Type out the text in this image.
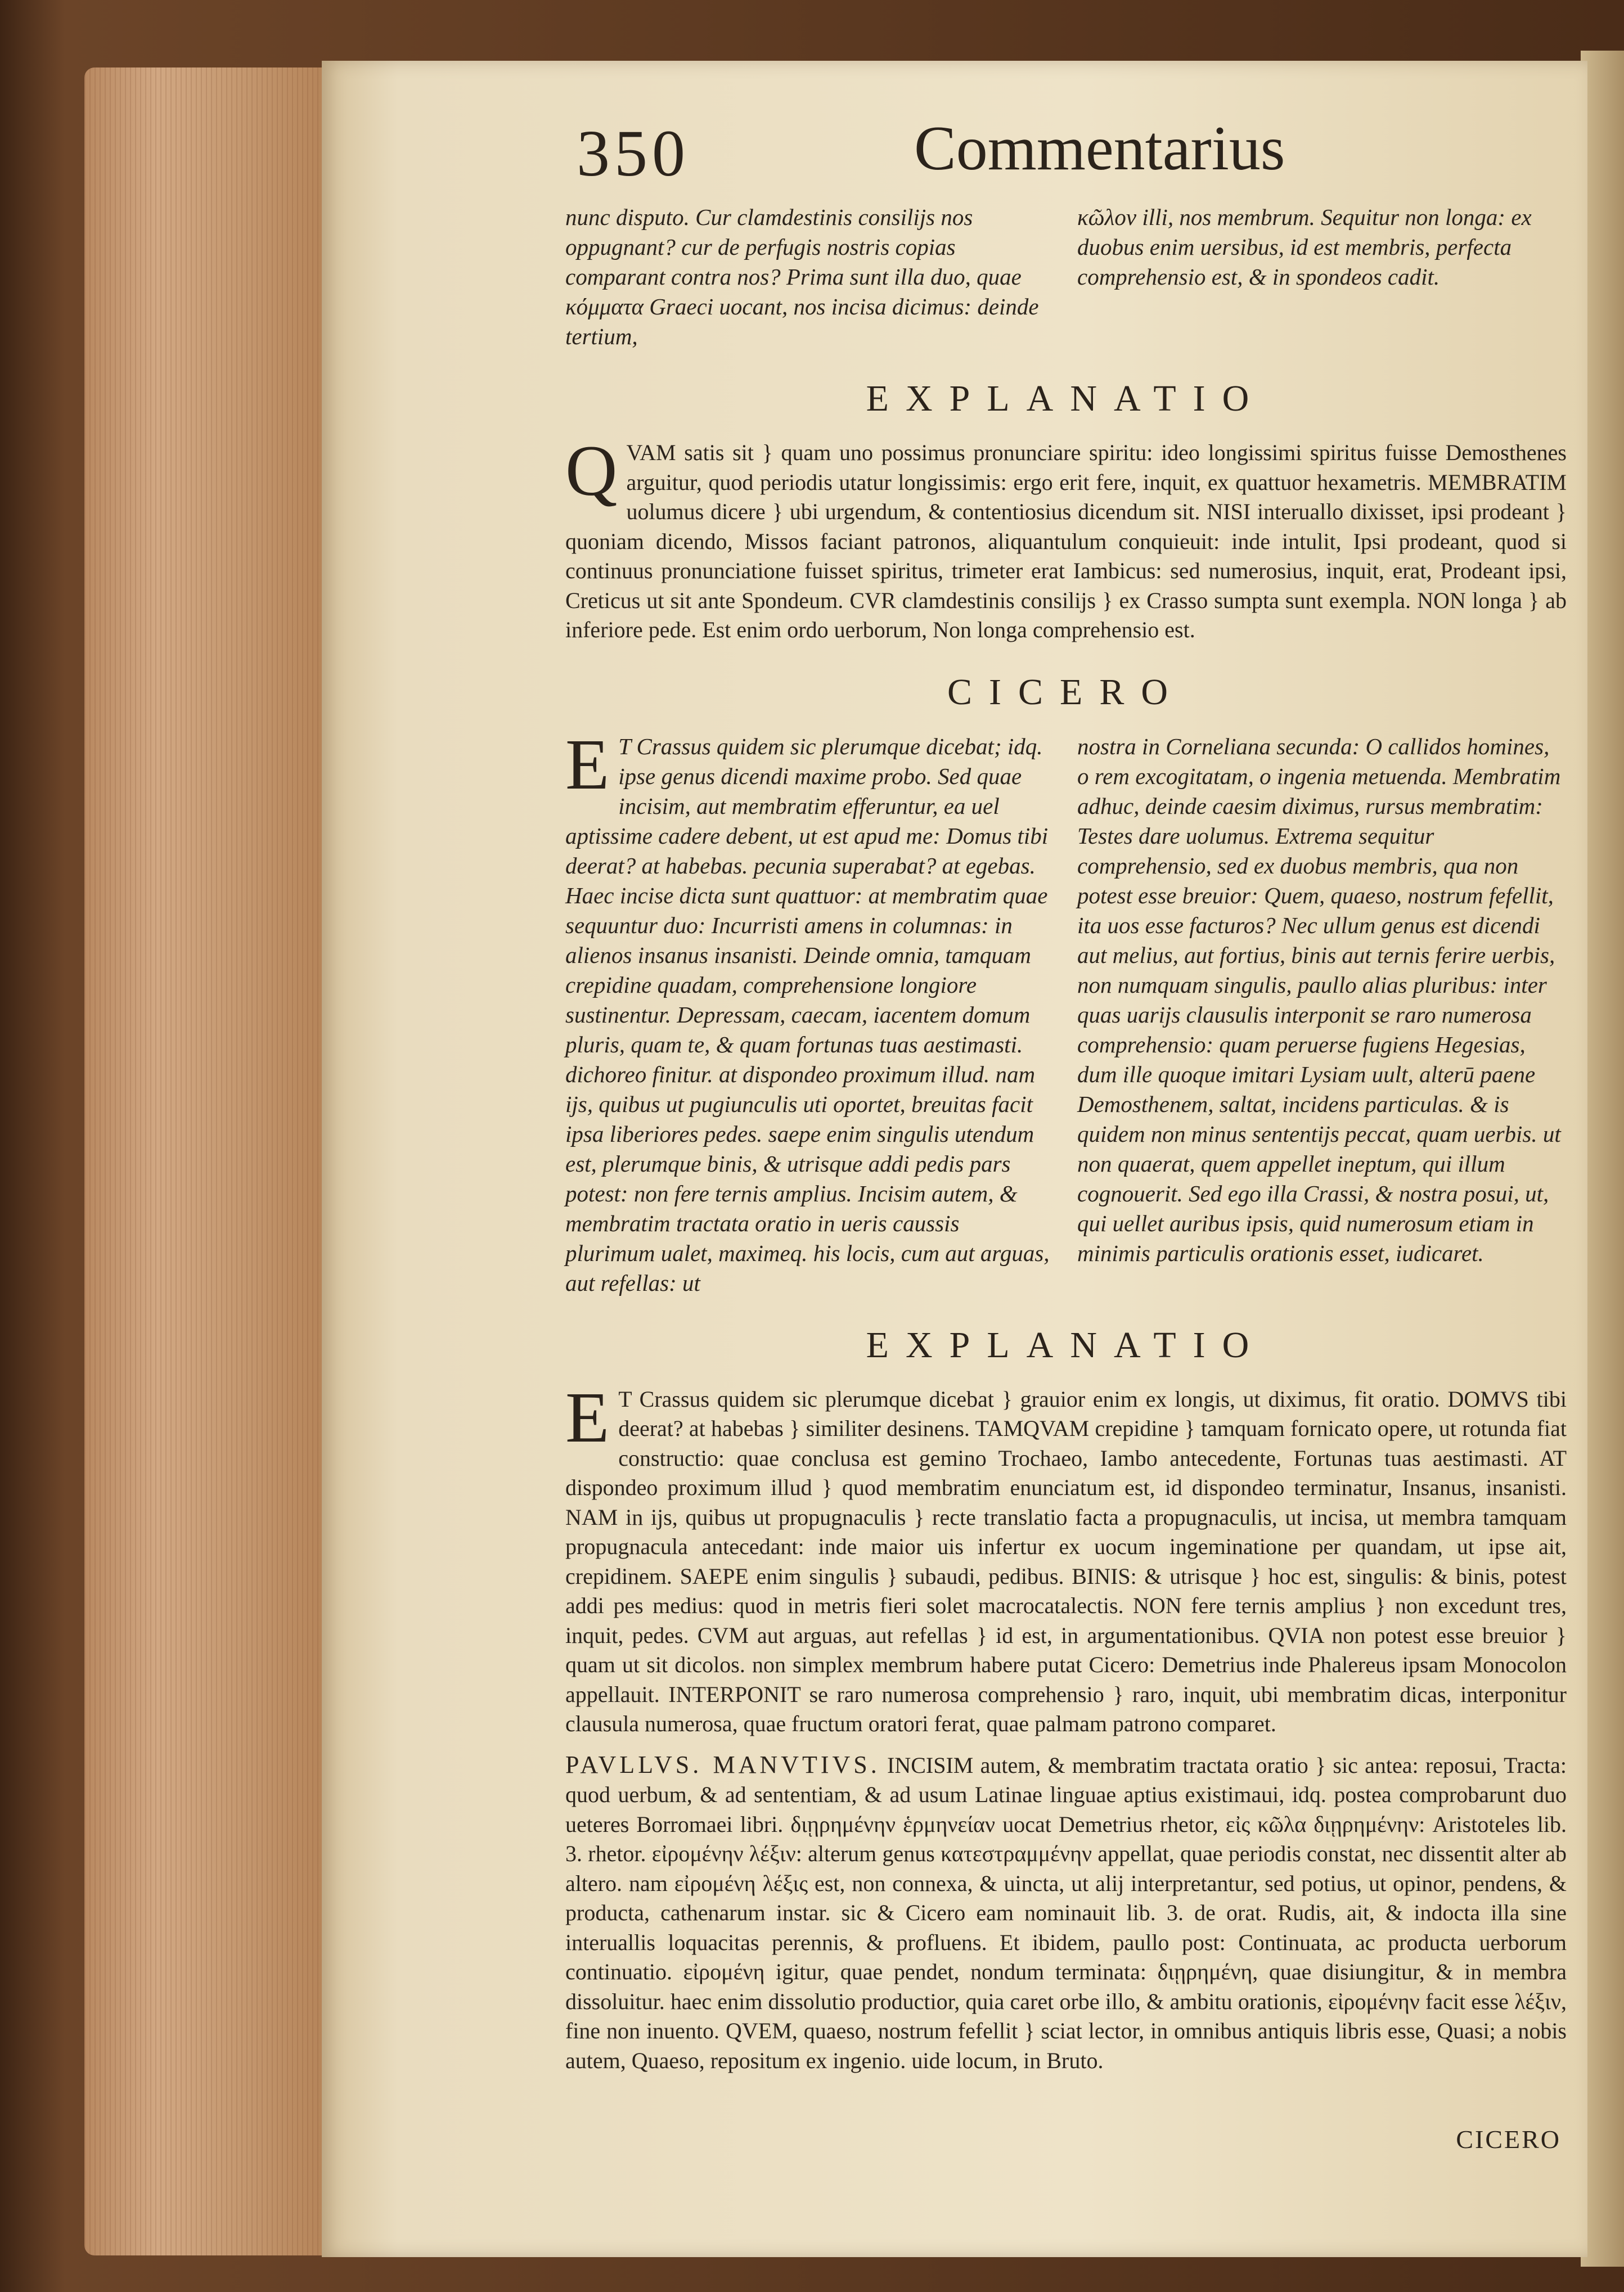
350	Commentarius

nunc disputo. Cur clamdestinis consilijs nos oppugnant? cur de perfugis nostris copias comparant contra nos? Prima sunt illa duo, quae κόμματα Graeci uocant, nos incisa dicimus: deinde tertium,

κῶλον illi, nos membrum. Sequitur non longa: ex duobus enim uersibus, id est membris, perfecta comprehensio est, & in spondeos cadit.

EXPLANATIO
QVAM satis sit } quam uno possimus pronunciare spiritu: ideo longissimi spiritus fuisse Demosthenes arguitur, quod periodis utatur longissimis: ergo erit fere, inquit, ex quattuor hexametris. MEMBRATIM uolumus dicere } ubi urgendum, & contentiosius dicendum sit. NISI interuallo dixisset, ipsi prodeant } quoniam dicendo, Missos faciant patronos, aliquantulum conquieuit: inde intulit, Ipsi prodeant, quod si continuus pronunciatione fuisset spiritus, trimeter erat Iambicus: sed numerosius, inquit, erat, Prodeant ipsi, Creticus ut sit ante Spondeum. CVR clamdestinis consilijs } ex Crasso sumpta sunt exempla. NON longa } ab inferiore pede. Est enim ordo uerborum, Non longa comprehensio est.
CICERO
E T Crassus quidem sic plerumque dicebat; idq. ipse genus dicendi maxime probo. Sed quae incisim, aut membratim efferuntur, ea uel aptissime cadere debent, ut est apud me: Domus tibi deerat? at habebas. pecunia superabat? at egebas. Haec incise dicta sunt quattuor: at membratim quae sequuntur duo: Incurristi amens in columnas: in alienos insanus insanisti. Deinde omnia, tamquam crepidine quadam, comprehensione longiore sustinentur. Depressam, caecam, iacentem domum pluris, quam te, & quam fortunas tuas aestimasti. dichoreo finitur. at dispondeo proximum illud. nam ijs, quibus ut pugiunculis uti oportet, breuitas facit ipsa liberiores pedes. saepe enim singulis utendum est, plerumque binis, & utrisque addi pedis pars potest: non fere ternis amplius. Incisim autem, & membratim tractata oratio in ueris caussis plurimum ualet, maximeq. his locis, cum aut arguas, aut refellas: ut

nostra in Corneliana secunda: O callidos homines, o rem excogitatam, o ingenia metuenda. Membratim adhuc, deinde caesim diximus, rursus membratim: Testes dare uolumus. Extrema sequitur comprehensio, sed ex duobus membris, qua non potest esse breuior: Quem, quaeso, nostrum fefellit, ita uos esse facturos? Nec ullum genus est dicendi aut melius, aut fortius, binis aut ternis ferire uerbis, non numquam singulis, paullo alias pluribus: inter quas uarijs clausulis interponit se raro numerosa comprehensio: quam peruerse fugiens Hegesias, dum ille quoque imitari Lysiam uult, alterū paene Demosthenem, saltat, incidens particulas. & is quidem non minus sententijs peccat, quam uerbis. ut non quaerat, quem appellet ineptum, qui illum cognouerit. Sed ego illa Crassi, & nostra posui, ut, qui uellet auribus ipsis, quid numerosum etiam in minimis particulis orationis esset, iudicaret.

EXPLANATIO
E T Crassus quidem sic plerumque dicebat } grauior enim ex longis, ut diximus, fit oratio. DOMVS tibi deerat? at habebas } similiter desinens. TAMQVAM crepidine } tamquam fornicato opere, ut rotunda fiat constructio: quae conclusa est gemino Trochaeo, Iambo antecedente, Fortunas tuas aestimasti. AT dispondeo proximum illud } quod membratim enunciatum est, id dispondeo terminatur, Insanus, insanisti. NAM in ijs, quibus ut propugnaculis } recte translatio facta a propugnaculis, ut incisa, ut membra tamquam propugnacula antecedant: inde maior uis infertur ex uocum ingeminatione per quandam, ut ipse ait, crepidinem. SAEPE enim singulis } subaudi, pedibus. BINIS: & utrisque } hoc est, singulis: & binis, potest addi pes medius: quod in metris fieri solet macrocatalectis. NON fere ternis amplius } non excedunt tres, inquit, pedes. CVM aut arguas, aut refellas } id est, in argumentationibus. QVIA non potest esse breuior } quam ut sit dicolos. non simplex membrum habere putat Cicero: Demetrius inde Phalereus ipsam Monocolon appellauit. INTERPONIT se raro numerosa comprehensio } raro, inquit, ubi membratim dicas, interponitur clausula numerosa, quae fructum oratori ferat, quae palmam patrono comparet.
PAVLLVS. MANVTIVS. INCISIM autem, & membratim tractata oratio } sic antea: reposui, Tracta: quod uerbum, & ad sententiam, & ad usum Latinae linguae aptius existimaui, idq. postea comprobarunt duo ueteres Borromaei libri. διῃρημένην ἑρμηνείαν uocat Demetrius rhetor, εἰς κῶλα διῃρημένην: Aristoteles lib. 3. rhetor. εἰρομένην λέξιν: alterum genus κατεστραμμένην appellat, quae periodis constat, nec dissentit alter ab altero. nam εἰρομένη λέξις est, non connexa, & uincta, ut alij interpretantur, sed potius, ut opinor, pendens, & producta, cathenarum instar. sic & Cicero eam nominauit lib. 3. de orat. Rudis, ait, & indocta illa sine interuallis loquacitas perennis, & profluens. Et ibidem, paullo post: Continuata, ac producta uerborum continuatio. εἰρομένη igitur, quae pendet, nondum terminata: διῃρημένη, quae disiungitur, & in membra dissoluitur. haec enim dissolutio productior, quia caret orbe illo, & ambitu orationis, εἰρομένην facit esse λέξιν, fine non inuento. QVEM, quaeso, nostrum fefellit } sciat lector, in omnibus antiquis libris esse, Quasi; a nobis autem, Quaeso, repositum ex ingenio. uide locum, in Bruto.
CICERO
